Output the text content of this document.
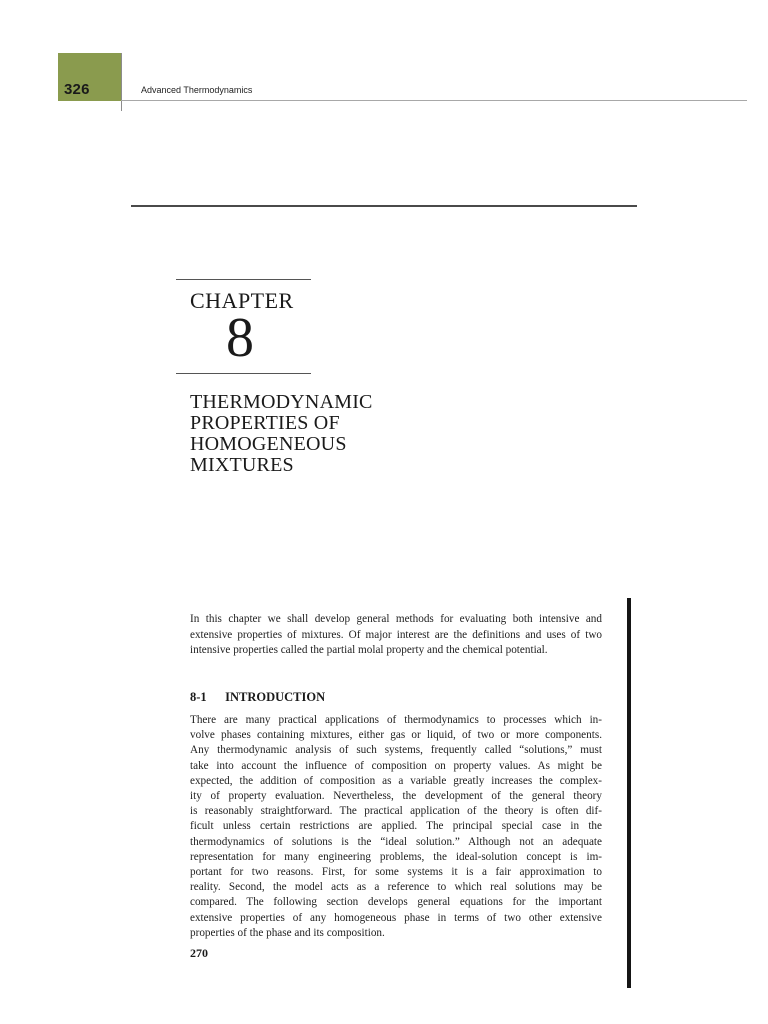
326	Advanced Thermodynamics
CHAPTER
8
THERMODYNAMIC
PROPERTIES OF
HOMOGENEOUS
MIXTURES

In this chapter we shall develop general methods for evaluating both intensive and extensive properties of mixtures. Of major interest are the definitions and uses of two intensive properties called the partial molal property and the chemical potential.

8-1 INTRODUCTION
There are many practical applications of thermodynamics to processes which in-
volve phases containing mixtures, either gas or liquid, of two or more components.
Any thermodynamic analysis of such systems, frequently called “solutions,” must
take into account the influence of composition on property values. As might be
expected, the addition of composition as a variable greatly increases the complex-
ity of property evaluation. Nevertheless, the development of the general theory
is reasonably straightforward. The practical application of the theory is often dif-
ficult unless certain restrictions are applied. The principal special case in the
thermodynamics of solutions is the “ideal solution.” Although not an adequate
representation for many engineering problems, the ideal-solution concept is im-
portant for two reasons. First, for some systems it is a fair approximation to
reality. Second, the model acts as a reference to which real solutions may be
compared. The following section develops general equations for the important
extensive properties of any homogeneous phase in terms of two other extensive
properties of the phase and its composition.
270
